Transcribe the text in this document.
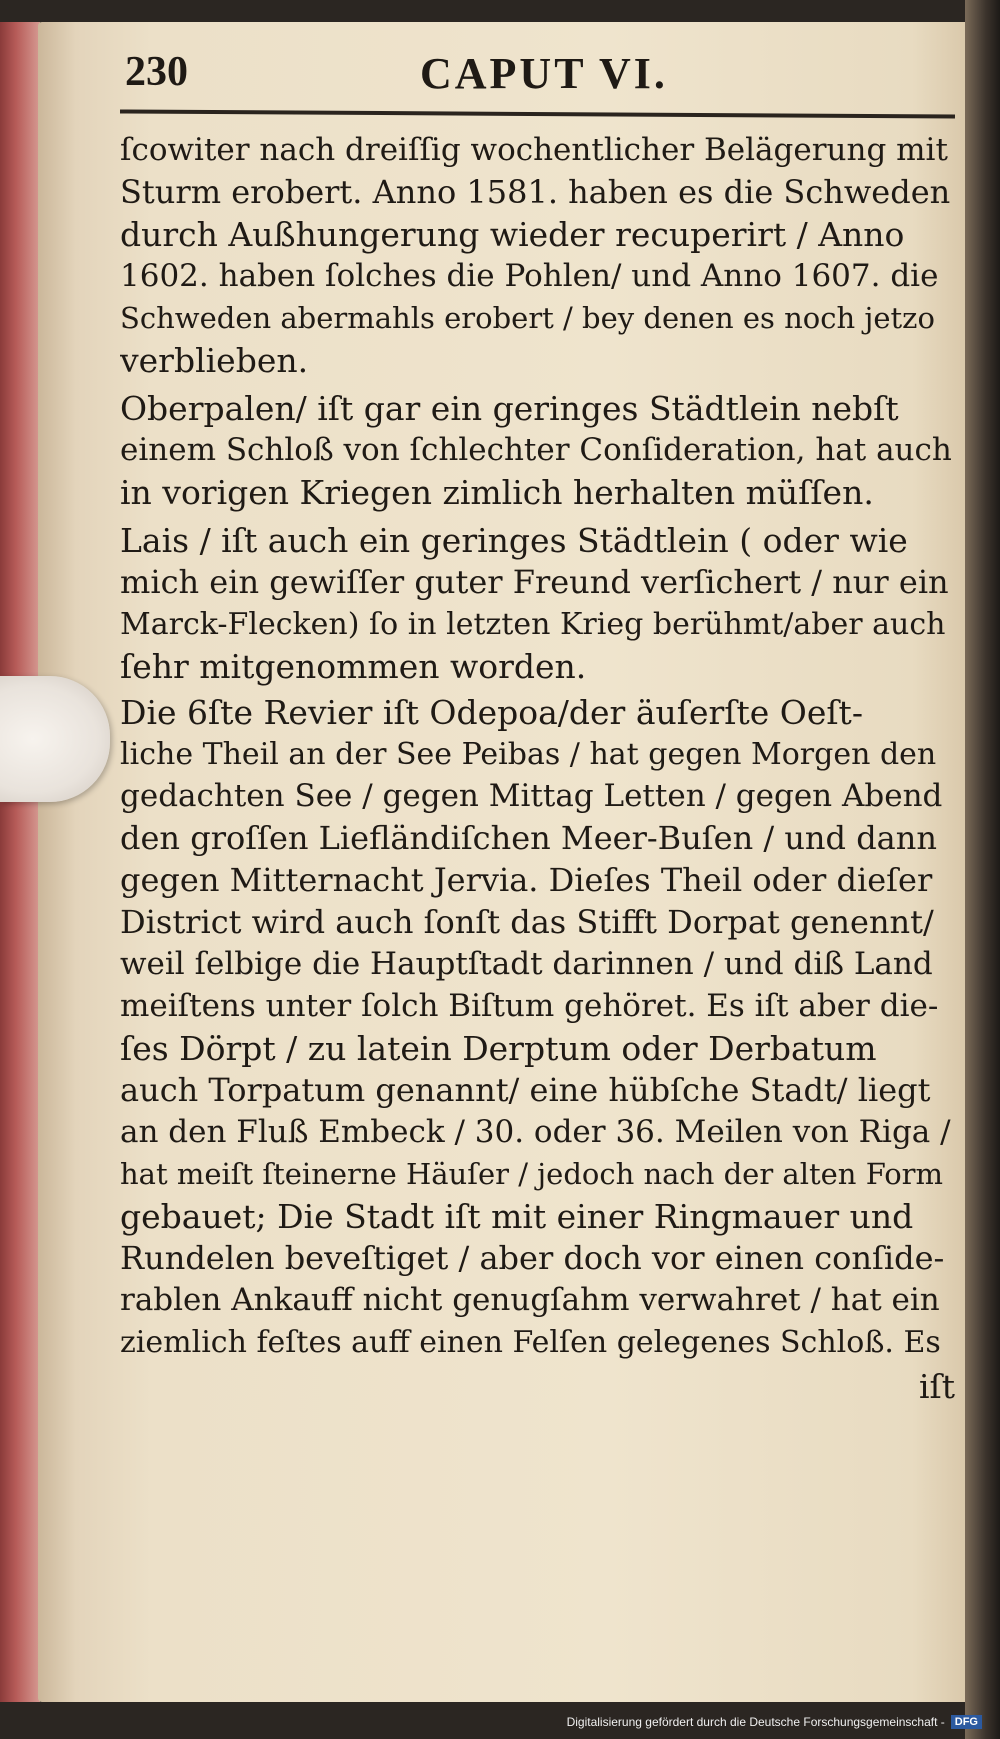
230	CAPUT VI.
ſcowiter nach dreiſſig wochentlicher Belägerung mit
Sturm erobert. Anno 1581. haben es die Schweden
durch Außhungerung wieder recuperirt / Anno
1602. haben ſolches die Pohlen/ und Anno 1607. die
Schweden abermahls erobert / bey denen es noch jetzo
verblieben.
Oberpalen/ iſt gar ein geringes Städtlein nebſt
einem Schloß von ſchlechter Conſideration, hat auch
in vorigen Kriegen zimlich herhalten müſſen.
Lais / iſt auch ein geringes Städtlein ( oder wie
mich ein gewiſſer guter Freund verſichert / nur ein
Marck-Flecken) ſo in letzten Krieg berühmt/aber auch
ſehr mitgenommen worden.
Die 6ſte Revier iſt Odepoa/der äuſerſte Oeſt-
liche Theil an der See Peibas / hat gegen Morgen den
gedachten See / gegen Mittag Letten / gegen Abend
den groſſen Liefländiſchen Meer-Buſen / und dann
gegen Mitternacht Jervia. Dieſes Theil oder dieſer
District wird auch ſonſt das Stifft Dorpat genennt/
weil ſelbige die Hauptſtadt darinnen / und diß Land
meiſtens unter ſolch Biſtum gehöret. Es iſt aber die-
ſes Dörpt / zu latein Derptum oder Derbatum
auch Torpatum genannt/ eine hübſche Stadt/ liegt
an den Fluß Embeck / 30. oder 36. Meilen von Riga /
hat meiſt ſteinerne Häuſer / jedoch nach der alten Form
gebauet; Die Stadt iſt mit einer Ringmauer und
Rundelen beveſtiget / aber doch vor einen conſide-
rablen Ankauff nicht genugſahm verwahret / hat ein
ziemlich feſtes auff einen Felſen gelegenes Schloß. Es
iſt
Digitalisierung gefördert durch die Deutsche Forschungsgemeinschaft - DFG
